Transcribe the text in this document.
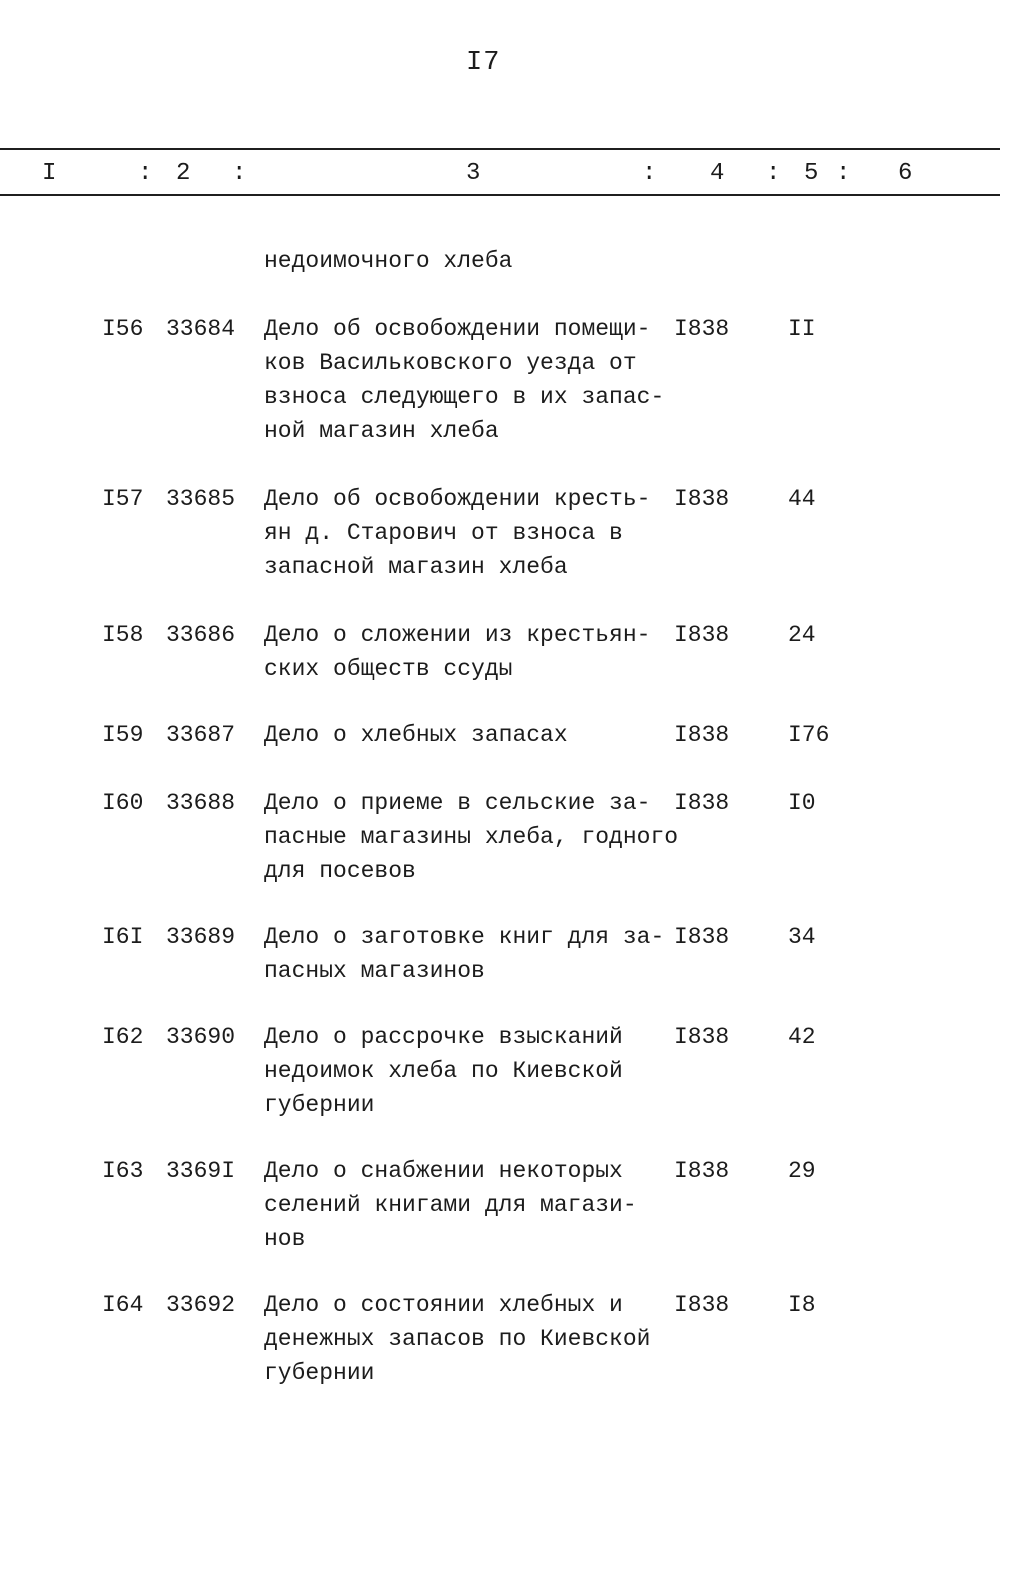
I7
I	: 2 :	3	: 4 : 5 : 6
недоимочного хлеба
I56 33684	Дело об освобождении помещи-
ков Васильковского уезда от
взноса следующего в их запас-
ной магазин хлеба
I838	II
I57 33685	Дело об освобождении кресть-
ян д. Старович от взноса в
запасной магазин хлеба
I838	44
I58 33686	Дело о сложении из крестьян-
ских обществ ссуды
I838	24
I59 33687	Дело о хлебных запасах	I838	I76
I60 33688	Дело о приеме в сельские за-
пасные магазины хлеба, годного
для посевов
I838	I0
I6I 33689	Дело о заготовке книг для за-
пасных магазинов
I838	34
I62 33690	Дело о рассрочке взысканий
недоимок хлеба по Киевской
губернии
I838	42
I63 3369I	Дело о снабжении некоторых
селений книгами для магази-
нов
I838	29
I64 33692	Дело о состоянии хлебных и
денежных запасов по Киевской
губернии
I838	I8
